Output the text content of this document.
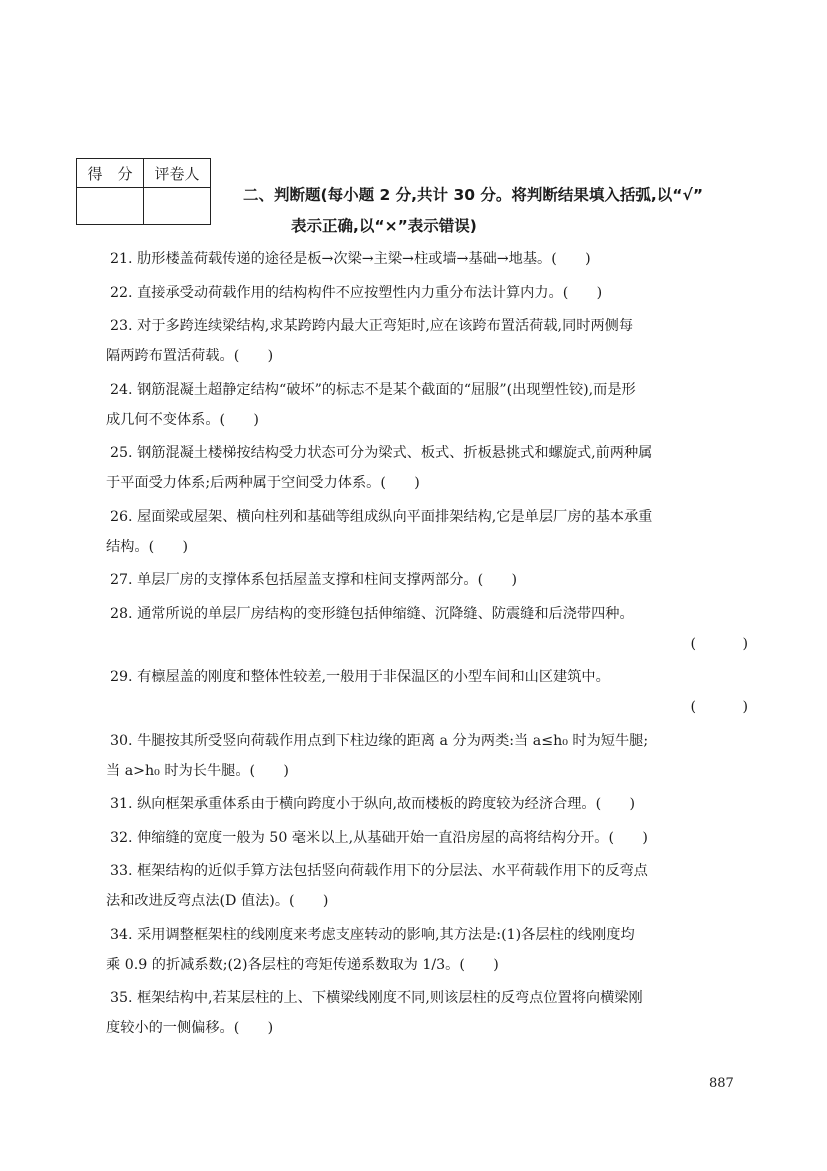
得　分	评卷人

二、判断题(每小题 2 分,共计 30 分。将判断结果填入括弧,以“√”
表示正确,以“×”表示错误)
21. 肋形楼盖荷载传递的途径是板→次梁→主梁→柱或墙→基础→地基。(　　)
22. 直接承受动荷载作用的结构构件不应按塑性内力重分布法计算内力。(　　)
23. 对于多跨连续梁结构,求某跨跨内最大正弯矩时,应在该跨布置活荷载,同时两侧每
隔两跨布置活荷载。(　　)
24. 钢筋混凝土超静定结构“破坏”的标志不是某个截面的“屈服”(出现塑性铰),而是形
成几何不变体系。(　　)
25. 钢筋混凝土楼梯按结构受力状态可分为梁式、板式、折板悬挑式和螺旋式,前两种属
于平面受力体系;后两种属于空间受力体系。(　　)
26. 屋面梁或屋架、横向柱列和基础等组成纵向平面排架结构,它是单层厂房的基本承重
结构。(　　)
27. 单层厂房的支撑体系包括屋盖支撑和柱间支撑两部分。(　　)
28. 通常所说的单层厂房结构的变形缝包括伸缩缝、沉降缝、防震缝和后浇带四种。
(　　)
29. 有檩屋盖的刚度和整体性较差,一般用于非保温区的小型车间和山区建筑中。
(　　)
30. 牛腿按其所受竖向荷载作用点到下柱边缘的距离 a 分为两类:当 a≤h₀ 时为短牛腿;
当 a>h₀ 时为长牛腿。(　　)
31. 纵向框架承重体系由于横向跨度小于纵向,故而楼板的跨度较为经济合理。(　　)
32. 伸缩缝的宽度一般为 50 毫米以上,从基础开始一直沿房屋的高将结构分开。(　　)
33. 框架结构的近似手算方法包括竖向荷载作用下的分层法、水平荷载作用下的反弯点
法和改进反弯点法(D 值法)。(　　)
34. 采用调整框架柱的线刚度来考虑支座转动的影响,其方法是:(1)各层柱的线刚度均
乘 0.9 的折减系数;(2)各层柱的弯矩传递系数取为 1/3。(　　)
35. 框架结构中,若某层柱的上、下横梁线刚度不同,则该层柱的反弯点位置将向横梁刚
度较小的一侧偏移。(　　)
887
